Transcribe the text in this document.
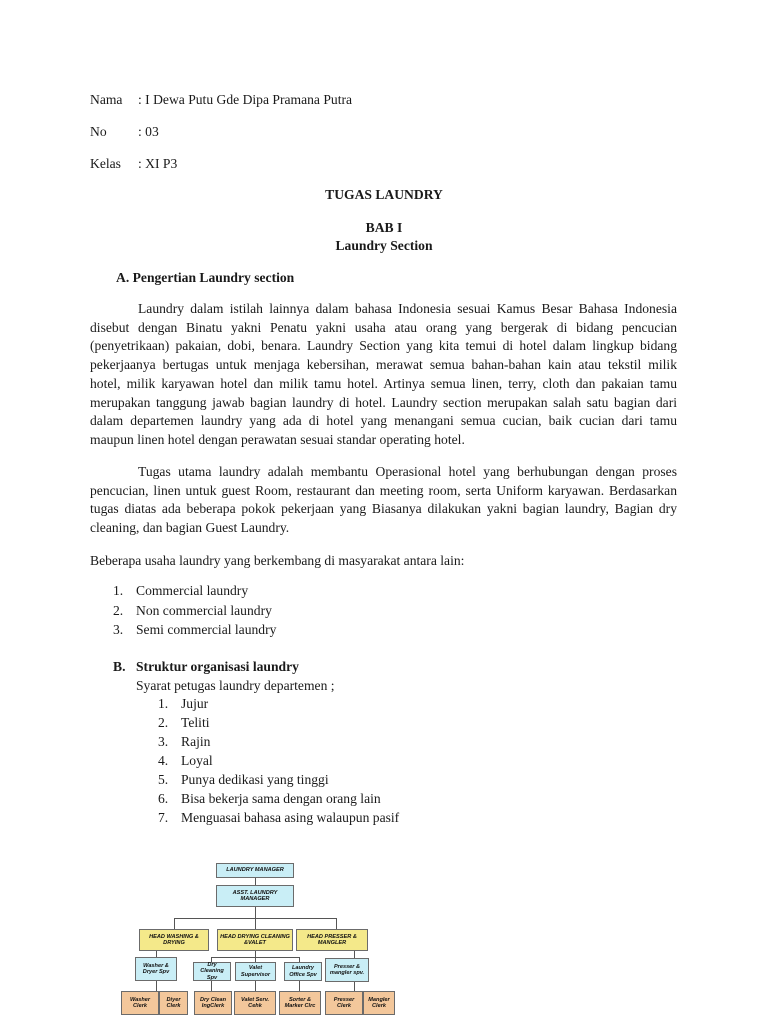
Nama : I Dewa Putu Gde Dipa Pramana Putra
No : 03
Kelas : XI P3
TUGAS LAUNDRY
BAB I
Laundry Section
A. Pengertian Laundry section
Laundry dalam istilah lainnya dalam bahasa Indonesia sesuai Kamus Besar Bahasa Indonesia
disebut dengan Binatu yakni Penatu yakni usaha atau orang yang bergerak di bidang pencucian
(penyetrikaan) pakaian, dobi, benara. Laundry Section yang kita temui di hotel dalam lingkup bidang
pekerjaanya bertugas untuk menjaga kebersihan, merawat semua bahan-bahan kain atau tekstil milik
hotel, milik karyawan hotel dan milik tamu hotel. Artinya semua linen, terry, cloth dan pakaian tamu
merupakan tanggung jawab bagian laundry di hotel. Laundry section merupakan salah satu bagian dari
dalam departemen laundry yang ada di hotel yang menangani semua cucian, baik cucian dari tamu
maupun linen hotel dengan perawatan sesuai standar operating hotel.
Tugas utama laundry adalah membantu Operasional hotel yang berhubungan dengan proses
pencucian, linen untuk guest Room, restaurant dan meeting room, serta Uniform karyawan. Berdasarkan
tugas diatas ada beberapa pokok pekerjaan yang Biasanya dilakukan yakni bagian laundry, Bagian dry
cleaning, dan bagian Guest Laundry.
Beberapa usaha laundry yang berkembang di masyarakat antara lain:
1. Commercial laundry
2. Non commercial laundry
3. Semi commercial laundry
B. Struktur organisasi laundry
Syarat petugas laundry departemen ;
1. Jujur
2. Teliti
3. Rajin
4. Loyal
5. Punya dedikasi yang tinggi
6. Bisa bekerja sama dengan orang lain
7. Menguasai bahasa asing walaupun pasif
LAUNDRY MANAGER
ASST. LAUNDRY MANAGER
HEAD WASHING & DRYING
HEAD DRYING CLEANING &VALET
HEAD PRESSER & MANGLER
Washer & Dryer Spv
Dry Cleaning Spv
Valet Supervisor
Laundry Office Spv
Presser & mangler spv.
Washer Clerk
Diyer Clerk
Dry Clean IngClerk
Valet Serv. Cehk
Sorter & Marker Clrc
Presser Clerk
Mangler Clerk
